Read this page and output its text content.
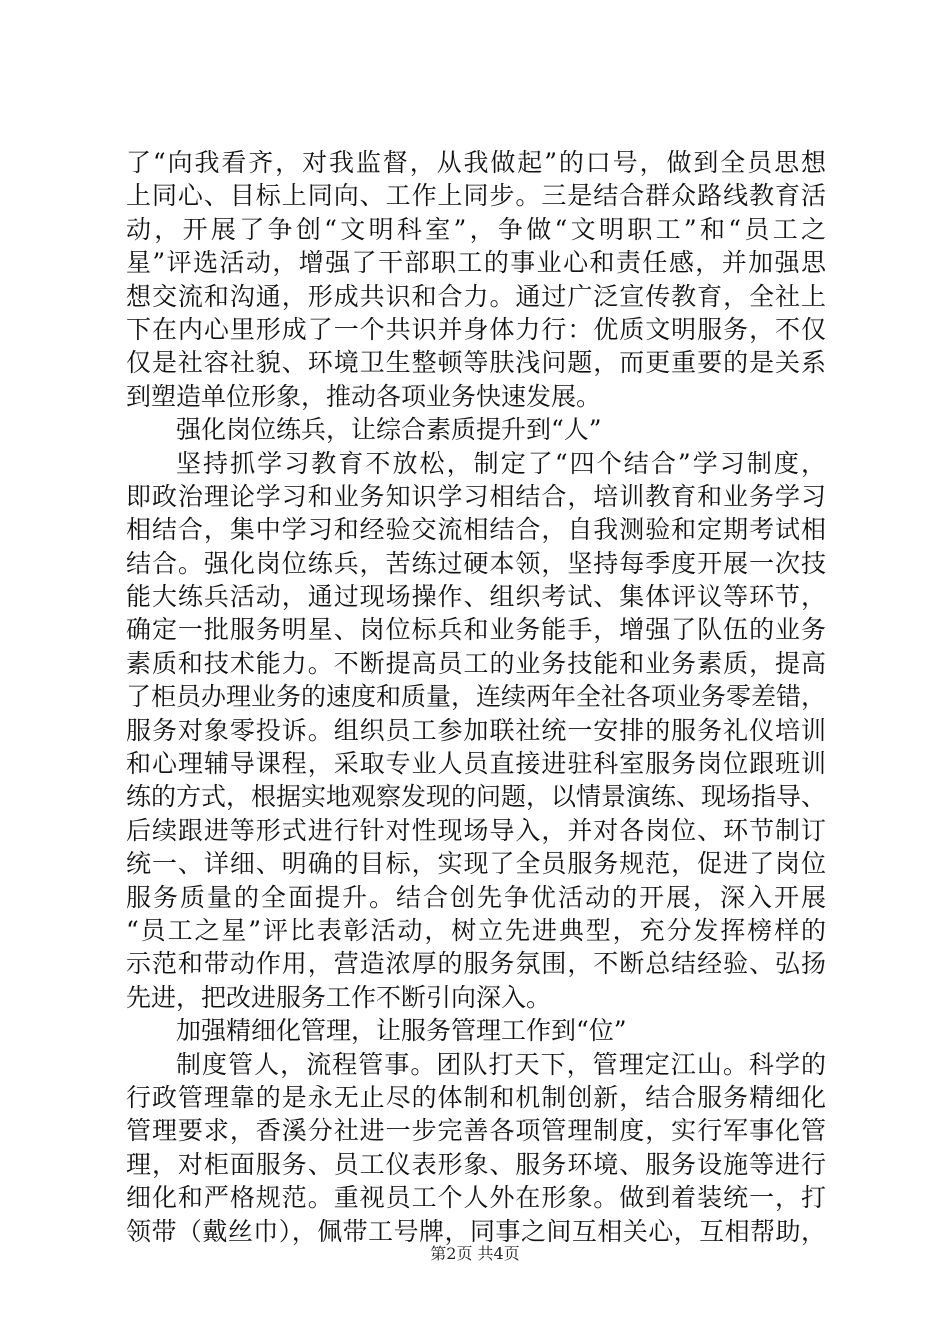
了“向我看齐，对我监督，从我做起”的口号，做到全员思想
上同心、目标上同向、工作上同步。三是结合群众路线教育活
动，开展了争创“文明科室”，争做“文明职工”和“员工之
星”评选活动，增强了干部职工的事业心和责任感，并加强思
想交流和沟通，形成共识和合力。通过广泛宣传教育，全社上
下在内心里形成了一个共识并身体力行：优质文明服务，不仅
仅是社容社貌、环境卫生整顿等肤浅问题，而更重要的是关系
到塑造单位形象，推动各项业务快速发展。
强化岗位练兵，让综合素质提升到“人”
坚持抓学习教育不放松，制定了“四个结合”学习制度，
即政治理论学习和业务知识学习相结合，培训教育和业务学习
相结合，集中学习和经验交流相结合，自我测验和定期考试相
结合。强化岗位练兵，苦练过硬本领，坚持每季度开展一次技
能大练兵活动，通过现场操作、组织考试、集体评议等环节，
确定一批服务明星、岗位标兵和业务能手，增强了队伍的业务
素质和技术能力。不断提高员工的业务技能和业务素质，提高
了柜员办理业务的速度和质量，连续两年全社各项业务零差错，
服务对象零投诉。组织员工参加联社统一安排的服务礼仪培训
和心理辅导课程，采取专业人员直接进驻科室服务岗位跟班训
练的方式，根据实地观察发现的问题，以情景演练、现场指导、
后续跟进等形式进行针对性现场导入，并对各岗位、环节制订
统一、详细、明确的目标，实现了全员服务规范，促进了岗位
服务质量的全面提升。结合创先争优活动的开展，深入开展
“员工之星”评比表彰活动，树立先进典型，充分发挥榜样的
示范和带动作用，营造浓厚的服务氛围，不断总结经验、弘扬
先进，把改进服务工作不断引向深入。
加强精细化管理，让服务管理工作到“位”
制度管人，流程管事。团队打天下，管理定江山。科学的
行政管理靠的是永无止尽的体制和机制创新，结合服务精细化
管理要求，香溪分社进一步完善各项管理制度，实行军事化管
理，对柜面服务、员工仪表形象、服务环境、服务设施等进行
细化和严格规范。重视员工个人外在形象。做到着装统一，打
领带（戴丝巾），佩带工号牌，同事之间互相关心，互相帮助，
第2页 共4页
